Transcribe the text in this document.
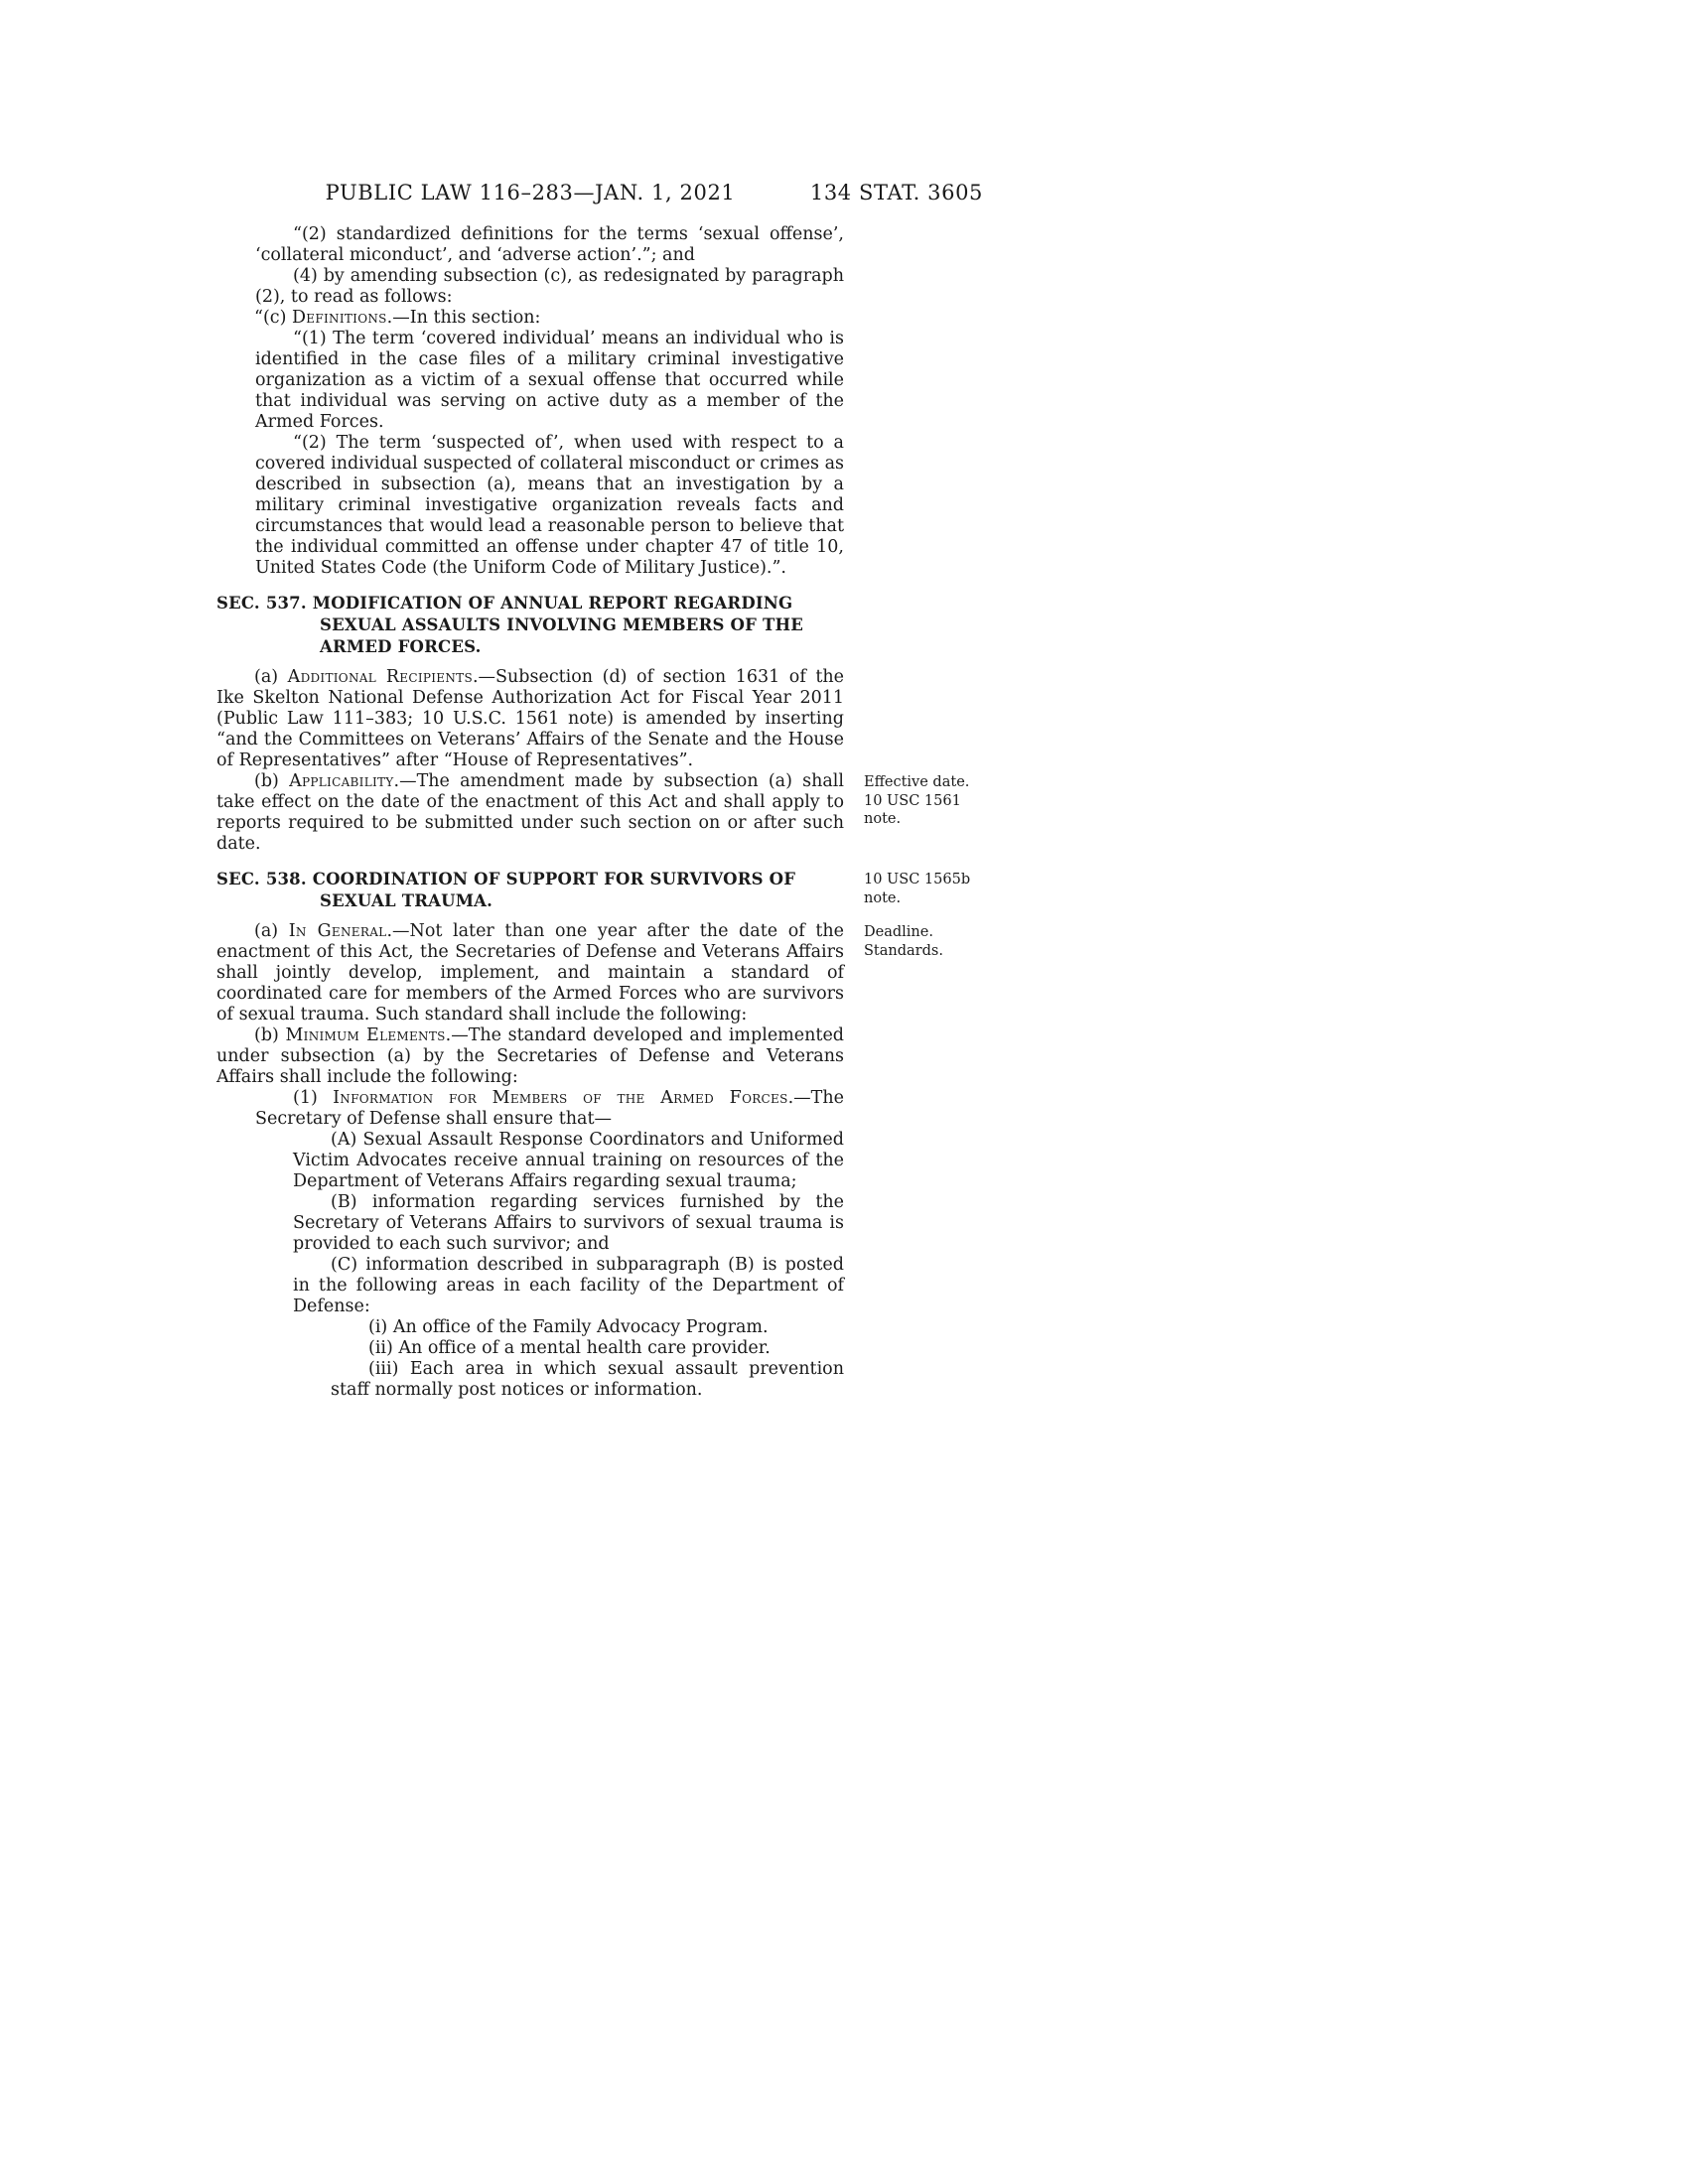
PUBLIC LAW 116–283—JAN. 1, 2021	134 STAT. 3605
“(2) standardized definitions for the terms ‘sexual offense’, ‘collateral miconduct’, and ‘adverse action’.”; and
(4) by amending subsection (c), as redesignated by paragraph (2), to read as follows:
“(c) Definitions.—In this section:
“(1) The term ‘covered individual’ means an individual who is identified in the case files of a military criminal investigative organization as a victim of a sexual offense that occurred while that individual was serving on active duty as a member of the Armed Forces.
“(2) The term ‘suspected of’, when used with respect to a covered individual suspected of collateral misconduct or crimes as described in subsection (a), means that an investigation by a military criminal investigative organization reveals facts and circumstances that would lead a reasonable person to believe that the individual committed an offense under chapter 47 of title 10, United States Code (the Uniform Code of Military Justice).”.
SEC. 537. MODIFICATION OF ANNUAL REPORT REGARDING SEXUAL ASSAULTS INVOLVING MEMBERS OF THE ARMED FORCES.
(a) Additional Recipients.—Subsection (d) of section 1631 of the Ike Skelton National Defense Authorization Act for Fiscal Year 2011 (Public Law 111–383; 10 U.S.C. 1561 note) is amended by inserting “and the Committees on Veterans’ Affairs of the Senate and the House of Representatives” after “House of Representatives”.
(b) Applicability.—The amendment made by subsection (a) shall take effect on the date of the enactment of this Act and shall apply to reports required to be submitted under such section on or after such date.
Effective date.
10 USC 1561
note.
SEC. 538. COORDINATION OF SUPPORT FOR SURVIVORS OF SEXUAL TRAUMA.
10 USC 1565b
note.
(a) In General.—Not later than one year after the date of the enactment of this Act, the Secretaries of Defense and Veterans Affairs shall jointly develop, implement, and maintain a standard of coordinated care for members of the Armed Forces who are survivors of sexual trauma. Such standard shall include the following:
Deadline.
Standards.
(b) Minimum Elements.—The standard developed and implemented under subsection (a) by the Secretaries of Defense and Veterans Affairs shall include the following:
(1) Information for Members of the Armed Forces.—The Secretary of Defense shall ensure that—
(A) Sexual Assault Response Coordinators and Uniformed Victim Advocates receive annual training on resources of the Department of Veterans Affairs regarding sexual trauma;
(B) information regarding services furnished by the Secretary of Veterans Affairs to survivors of sexual trauma is provided to each such survivor; and
(C) information described in subparagraph (B) is posted in the following areas in each facility of the Department of Defense:
(i) An office of the Family Advocacy Program.
(ii) An office of a mental health care provider.
(iii) Each area in which sexual assault prevention staff normally post notices or information.
